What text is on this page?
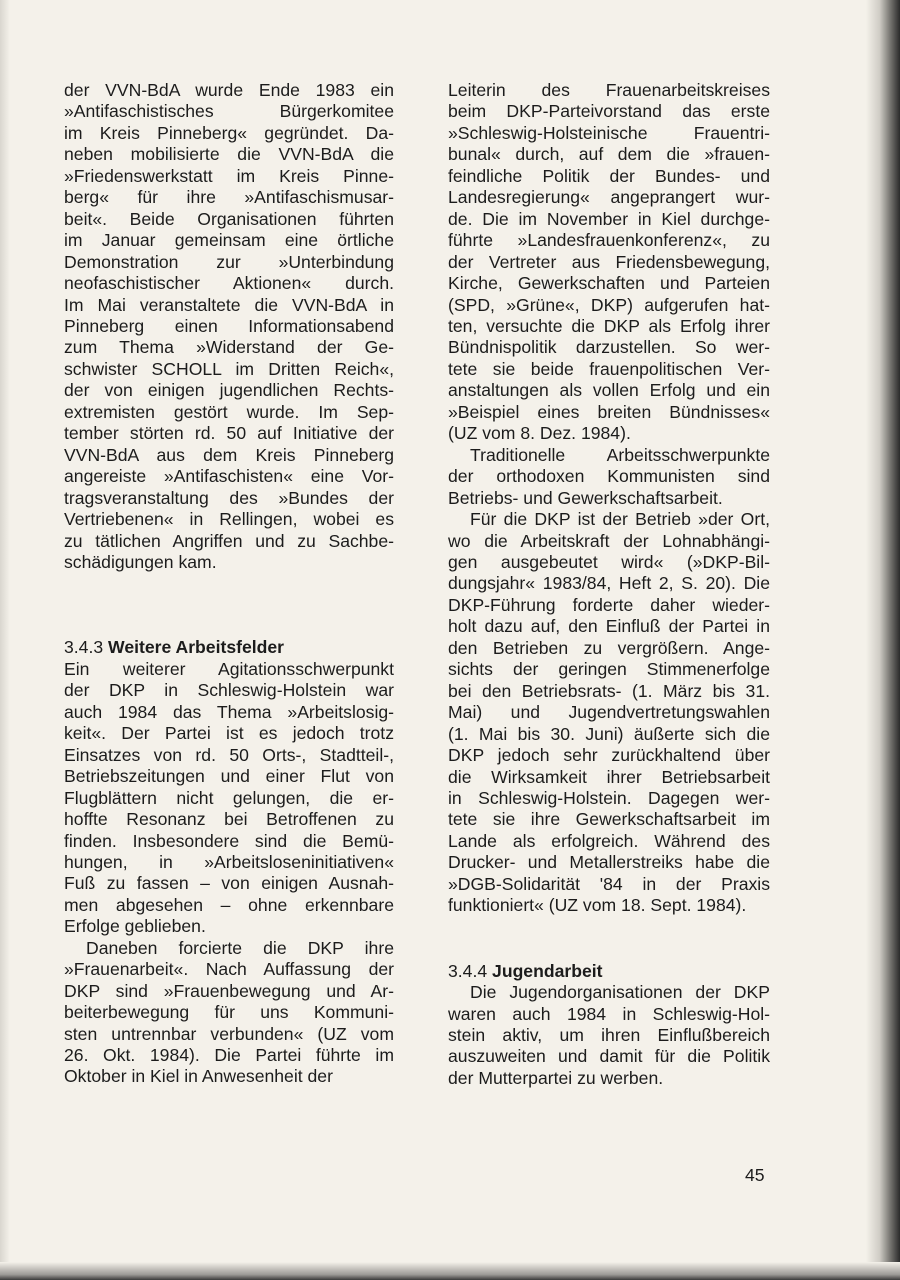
der VVN-BdA wurde Ende 1983 ein

»Antifaschistisches Bürgerkomitee

im Kreis Pinneberg« gegründet. Da-

neben mobilisierte die VVN-BdA die

»Friedenswerkstatt im Kreis Pinne-

berg« für ihre »Antifaschismusar-

beit«. Beide Organisationen führten

im Januar gemeinsam eine örtliche

Demonstration zur »Unterbindung

neofaschistischer Aktionen« durch.

Im Mai veranstaltete die VVN-BdA in

Pinneberg einen Informationsabend

zum Thema »Widerstand der Ge-

schwister SCHOLL im Dritten Reich«,

der von einigen jugendlichen Rechts-

extremisten gestört wurde. Im Sep-

tember störten rd. 50 auf Initiative der

VVN-BdA aus dem Kreis Pinneberg

angereiste »Antifaschisten« eine Vor-

tragsveranstaltung des »Bundes der

Vertriebenen« in Rellingen, wobei es

zu tätlichen Angriffen und zu Sachbe-

schädigungen kam.

3.4.3 Weitere Arbeitsfelder

Ein weiterer Agitationsschwerpunkt

der DKP in Schleswig-Holstein war

auch 1984 das Thema »Arbeitslosig-

keit«. Der Partei ist es jedoch trotz

Einsatzes von rd. 50 Orts-, Stadtteil-,

Betriebszeitungen und einer Flut von

Flugblättern nicht gelungen, die er-

hoffte Resonanz bei Betroffenen zu

finden. Insbesondere sind die Bemü-

hungen, in »Arbeitsloseninitiativen«

Fuß zu fassen – von einigen Ausnah-

men abgesehen – ohne erkennbare

Erfolge geblieben.

Daneben forcierte die DKP ihre

»Frauenarbeit«. Nach Auffassung der

DKP sind »Frauenbewegung und Ar-

beiterbewegung für uns Kommuni-

sten untrennbar verbunden« (UZ vom

26. Okt. 1984). Die Partei führte im

Oktober in Kiel in Anwesenheit der

Leiterin des Frauenarbeitskreises

beim DKP-Parteivorstand das erste

»Schleswig-Holsteinische Frauentri-

bunal« durch, auf dem die »frauen-

feindliche Politik der Bundes- und

Landesregierung« angeprangert wur-

de. Die im November in Kiel durchge-

führte »Landesfrauenkonferenz«, zu

der Vertreter aus Friedensbewegung,

Kirche, Gewerkschaften und Parteien

(SPD, »Grüne«, DKP) aufgerufen hat-

ten, versuchte die DKP als Erfolg ihrer

Bündnispolitik darzustellen. So wer-

tete sie beide frauenpolitischen Ver-

anstaltungen als vollen Erfolg und ein

»Beispiel eines breiten Bündnisses«

(UZ vom 8. Dez. 1984).

Traditionelle Arbeitsschwerpunkte

der orthodoxen Kommunisten sind

Betriebs- und Gewerkschaftsarbeit.

Für die DKP ist der Betrieb »der Ort,

wo die Arbeitskraft der Lohnabhängi-

gen ausgebeutet wird« (»DKP-Bil-

dungsjahr« 1983/84, Heft 2, S. 20). Die

DKP-Führung forderte daher wieder-

holt dazu auf, den Einfluß der Partei in

den Betrieben zu vergrößern. Ange-

sichts der geringen Stimmenerfolge

bei den Betriebsrats- (1. März bis 31.

Mai) und Jugendvertretungswahlen

(1. Mai bis 30. Juni) äußerte sich die

DKP jedoch sehr zurückhaltend über

die Wirksamkeit ihrer Betriebsarbeit

in Schleswig-Holstein. Dagegen wer-

tete sie ihre Gewerkschaftsarbeit im

Lande als erfolgreich. Während des

Drucker- und Metallerstreiks habe die

»DGB-Solidarität '84 in der Praxis

funktioniert« (UZ vom 18. Sept. 1984).

3.4.4 Jugendarbeit

Die Jugendorganisationen der DKP

waren auch 1984 in Schleswig-Hol-

stein aktiv, um ihren Einflußbereich

auszuweiten und damit für die Politik

der Mutterpartei zu werben.

45
